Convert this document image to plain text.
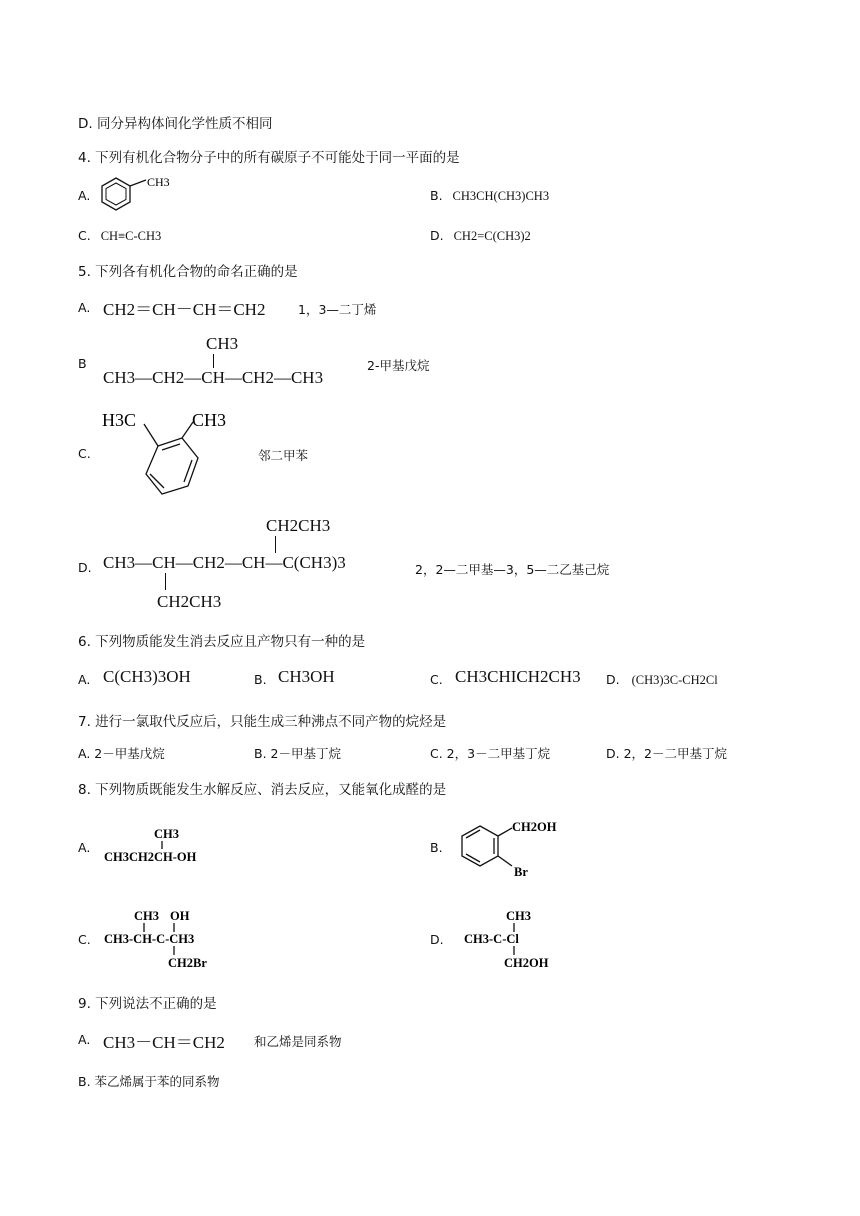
D. 同分异构体间化学性质不相同
4. 下列有机化合物分子中的所有碳原子不可能处于同一平面的是
A.
CH3
B. CH3CH(CH3)CH3
C. CH≡C-CH3	D. CH2=C(CH3)2
5. 下列各有机化合物的命名正确的是
A. CH2＝CH－CH＝CH2	1，3—二丁烯
B
CH3
CH3—CH2—CH—CH2—CH3
2-甲基戊烷
C.
H3C	CH3
邻二甲苯
D.
CH2CH3
CH3—CH—CH2—CH—C(CH3)3
CH2CH3
2，2—二甲基—3，5—二乙基己烷
6. 下列物质能发生消去反应且产物只有一种的是
A. C(CH3)3OH	B. CH3OH	C. CH3CHICH2CH3 D. (CH3)3C-CH2Cl
7. 进行一氯取代反应后，只能生成三种沸点不同产物的烷烃是
A. 2－甲基戊烷	B. 2－甲基丁烷	C. 2，3－二甲基丁烷	D. 2，2－二甲基丁烷
8. 下列物质既能发生水解反应、消去反应，又能氧化成醛的是
A.
CH3
CH3CH2CH-OH
B.
CH2OH
Br
C.
CH3 OH
CH3-CH-C-CH3
CH2Br
D.
CH3
CH3-C-Cl
CH2OH
9. 下列说法不正确的是
A. CH3－CH＝CH2 和乙烯是同系物
B. 苯乙烯属于苯的同系物
